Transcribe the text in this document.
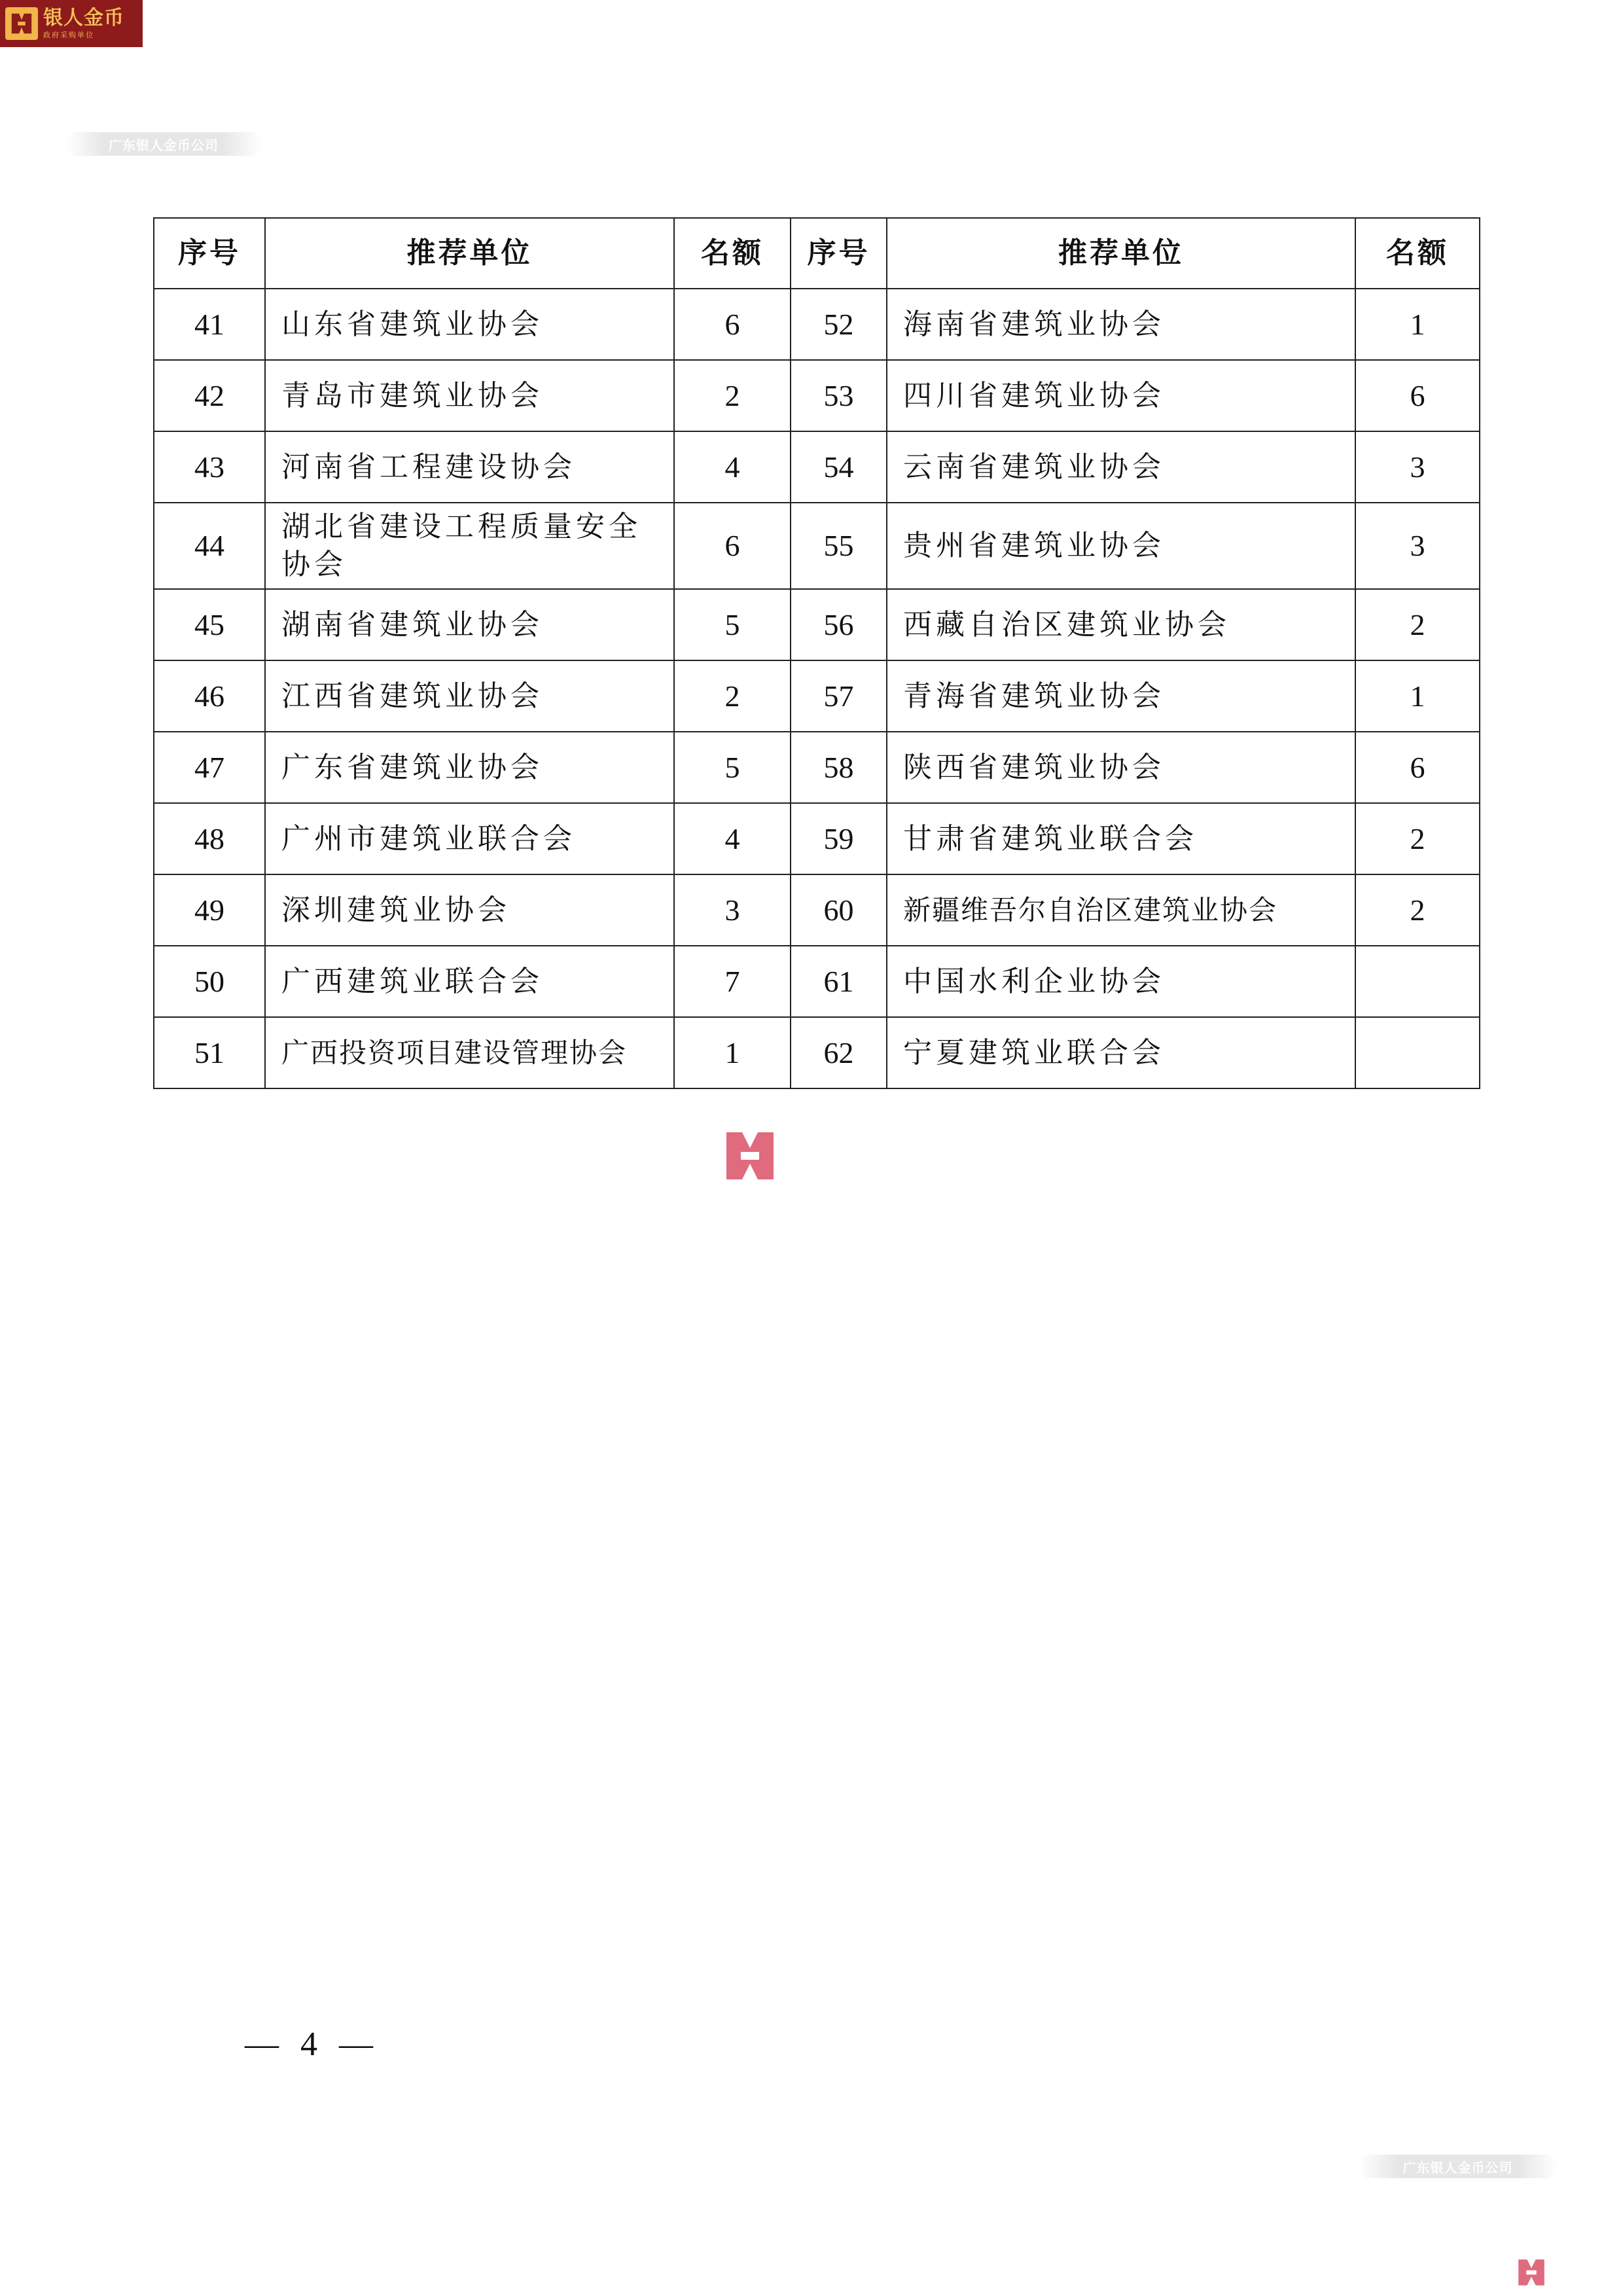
银人金币
政府采购单位
广东银人金币公司
序号	推荐单位	名额	序号	推荐单位	名额
41	山东省建筑业协会	6	52	海南省建筑业协会	1
42	青岛市建筑业协会	2	53	四川省建筑业协会	6
43	河南省工程建设协会	4	54	云南省建筑业协会	3
44	湖北省建设工程质量安全协会	6	55	贵州省建筑业协会	3
45	湖南省建筑业协会	5	56	西藏自治区建筑业协会	2
46	江西省建筑业协会	2	57	青海省建筑业协会	1
47	广东省建筑业协会	5	58	陕西省建筑业协会	6
48	广州市建筑业联合会	4	59	甘肃省建筑业联合会	2
49	深圳建筑业协会	3	60	新疆维吾尔自治区建筑业协会	2
50	广西建筑业联合会	7	61	中国水利企业协会	
51	广西投资项目建设管理协会	1	62	宁夏建筑业联合会	
— 4 —
广东银人金币公司
